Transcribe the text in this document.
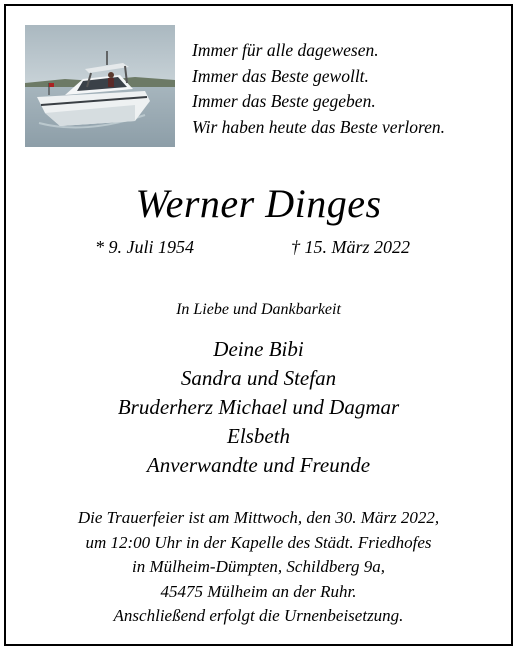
Immer für alle dagewesen.
Immer das Beste gewollt.
Immer das Beste gegeben.
Wir haben heute das Beste verloren.
Werner Dinges
* 9. Juli 1954	† 15. März 2022
In Liebe und Dankbarkeit
Deine Bibi
Sandra und Stefan
Bruderherz Michael und Dagmar
Elsbeth
Anverwandte und Freunde
Die Trauerfeier ist am Mittwoch, den 30. März 2022,
um 12:00 Uhr in der Kapelle des Städt. Friedhofes
in Mülheim-Dümpten, Schildberg 9a,
45475 Mülheim an der Ruhr.
Anschließend erfolgt die Urnenbeisetzung.
